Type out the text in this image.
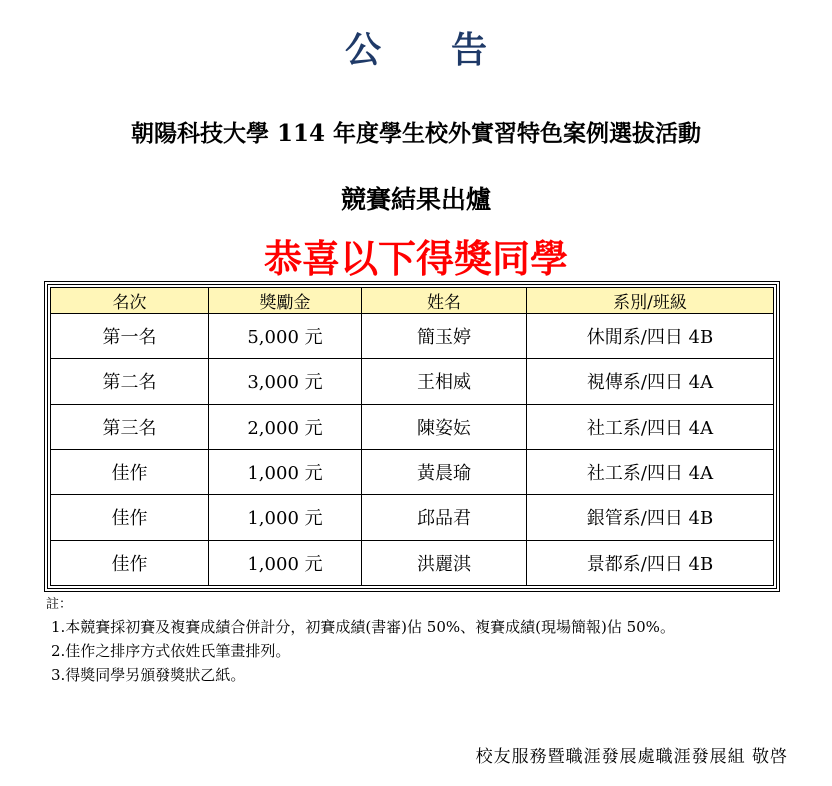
公告
朝陽科技大學 114 年度學生校外實習特色案例選拔活動
競賽結果出爐
恭喜以下得獎同學
名次	獎勵金	姓名	系別/班級
第一名	5,000 元	簡玉婷	休閒系/四日 4B
第二名	3,000 元	王相威	視傳系/四日 4A
第三名	2,000 元	陳姿妘	社工系/四日 4A
佳作	1,000 元	黃晨瑜	社工系/四日 4A
佳作	1,000 元	邱品君	銀管系/四日 4B
佳作	1,000 元	洪麗淇	景都系/四日 4B
註：
1.本競賽採初賽及複賽成績合併計分，初賽成績(書審)佔 50%、複賽成績(現場簡報)佔 50%。
2.佳作之排序方式依姓氏筆畫排列。
3.得獎同學另頒發獎狀乙紙。
校友服務暨職涯發展處職涯發展組 敬啓
